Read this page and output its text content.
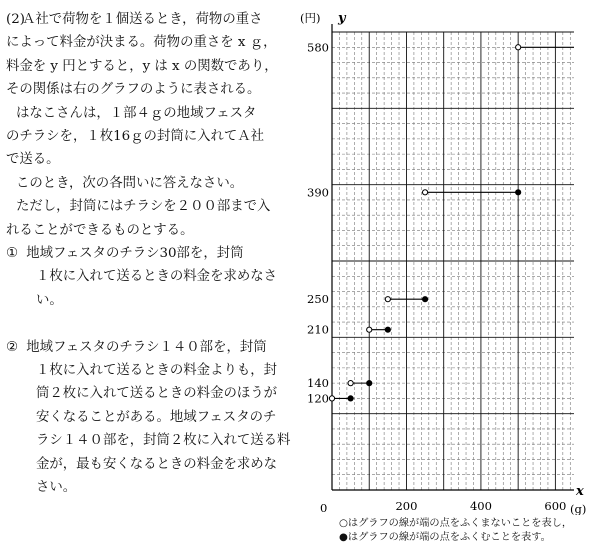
(2)Ａ社で荷物を１個送るとき，荷物の重さ
によって料金が決まる。荷物の重さを x ｇ，
料金を y 円とすると，y は x の関数であり，
その関係は右のグラフのように表される。
はなこさんは，１部４ｇの地域フェスタ
のチラシを，１枚16ｇの封筒に入れてＡ社
で送る。
このとき，次の各問いに答えなさい。
ただし，封筒にはチラシを２００部まで入
れることができるものとする。
① 地域フェスタのチラシ30部を，封筒
１枚に入れて送るときの料金を求めなさ
い。
② 地域フェスタのチラシ１４０部を，封筒
１枚に入れて送るときの料金よりも，封
筒２枚に入れて送るときの料金のほうが
安くなることがある。地域フェスタのチ
ラシ１４０部を，封筒２枚に入れて送る料
金が，最も安くなるときの料金を求めな
さい。
200	400	600
120
140
210
250
390
580
(円) y
x
(g)
0
○はグラフの線が端の点をふくまないことを表し，
●はグラフの線が端の点をふくむことを表す。
